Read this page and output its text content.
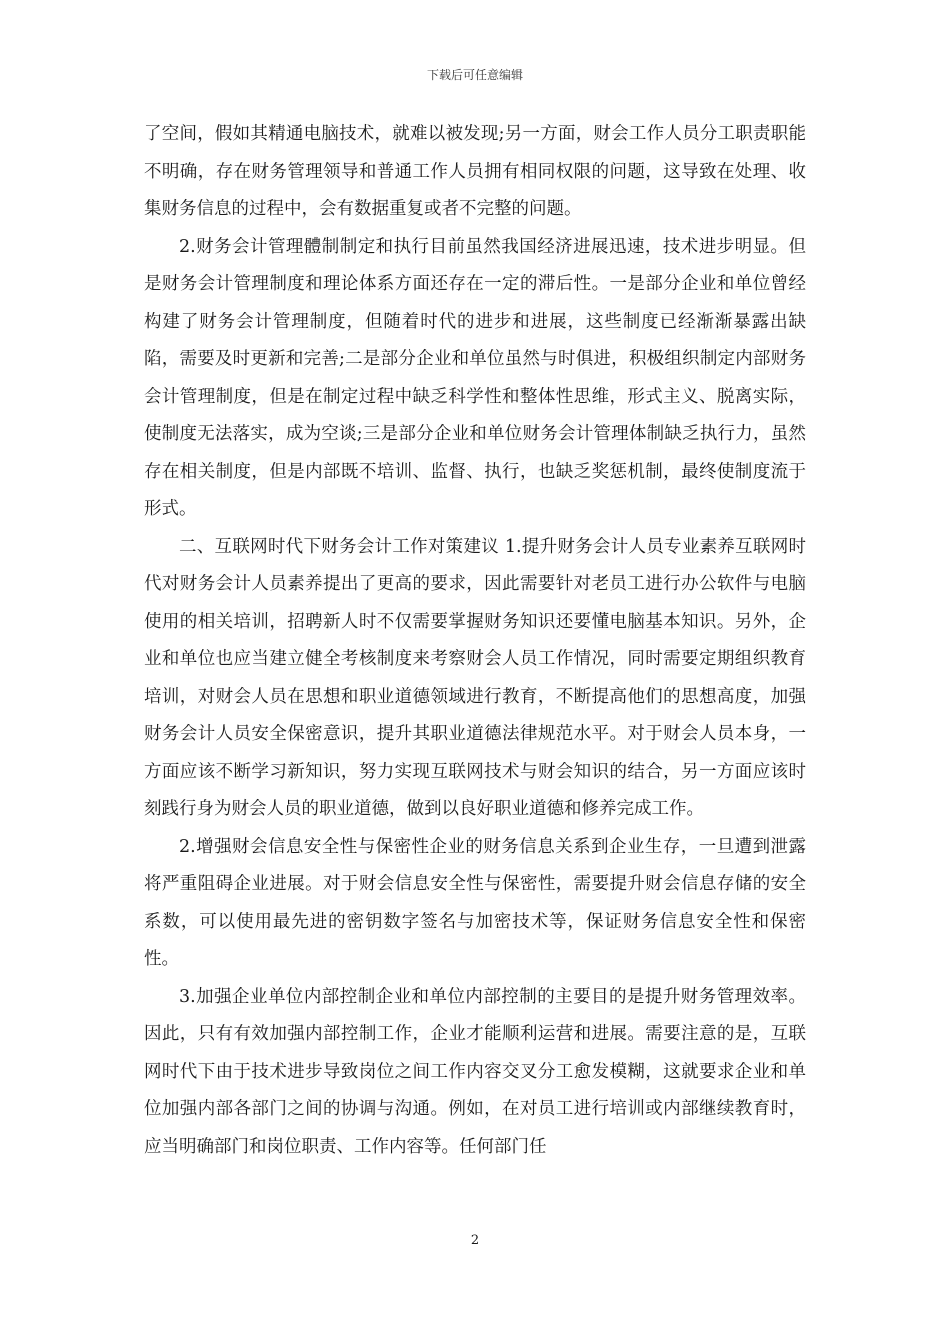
下载后可任意编辑

了空间，假如其精通电脑技术，就难以被发现;另一方面，财会工作人员分工职责职能不明确，存在财务管理领导和普通工作人员拥有相同权限的问题，这导致在处理、收集财务信息的过程中，会有数据重复或者不完整的问题。

2.财务会计管理體制制定和执行目前虽然我国经济进展迅速，技术进步明显。但是财务会计管理制度和理论体系方面还存在一定的滞后性。一是部分企业和单位曾经构建了财务会计管理制度，但随着时代的进步和进展，这些制度已经渐渐暴露出缺陷，需要及时更新和完善;二是部分企业和单位虽然与时俱进，积极组织制定内部财务会计管理制度，但是在制定过程中缺乏科学性和整体性思维，形式主义、脱离实际，使制度无法落实，成为空谈;三是部分企业和单位财务会计管理体制缺乏执行力，虽然存在相关制度，但是内部既不培训、监督、执行，也缺乏奖惩机制，最终使制度流于形式。

二、互联网时代下财务会计工作对策建议 1.提升财务会计人员专业素养互联网时代对财务会计人员素养提出了更高的要求，因此需要针对老员工进行办公软件与电脑使用的相关培训，招聘新人时不仅需要掌握财务知识还要懂电脑基本知识。另外，企业和单位也应当建立健全考核制度来考察财会人员工作情况，同时需要定期组织教育培训，对财会人员在思想和职业道德领域进行教育，不断提高他们的思想高度，加强财务会计人员安全保密意识，提升其职业道德法律规范水平。对于财会人员本身，一方面应该不断学习新知识，努力实现互联网技术与财会知识的结合，另一方面应该时刻践行身为财会人员的职业道德，做到以良好职业道德和修养完成工作。

2.增强财会信息安全性与保密性企业的财务信息关系到企业生存，一旦遭到泄露将严重阻碍企业进展。对于财会信息安全性与保密性，需要提升财会信息存储的安全系数，可以使用最先进的密钥数字签名与加密技术等，保证财务信息安全性和保密性。

3.加强企业单位内部控制企业和单位内部控制的主要目的是提升财务管理效率。因此，只有有效加强内部控制工作，企业才能顺利运营和进展。需要注意的是，互联网时代下由于技术进步导致岗位之间工作内容交叉分工愈发模糊，这就要求企业和单位加强内部各部门之间的协调与沟通。例如，在对员工进行培训或内部继续教育时，应当明确部门和岗位职责、工作内容等。任何部门任

2
